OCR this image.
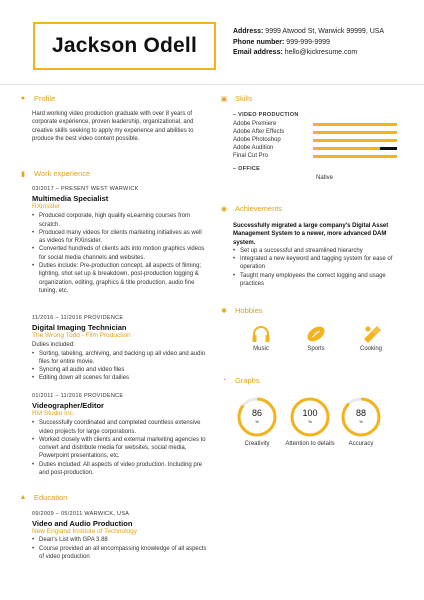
Jackson Odell
Address: 9999 Atwood St, Warwick 99999, USA
Phone number: 999-999-9999
Email address: hello@kickresume.com
●	Profile
Hard working video production graduate with over 8 years of corporate experience, proven leadership, organizational, and creative skills seeking to apply my experience and abilities to produce the best video content possible.
▮	Work experience
03/2017 – PRESENT WEST WARWICK
Multimedia Specialist
RXinsider
• Produced corporate, high quality eLearning courses from scratch.
• Produced many videos for clients marketing initiatives as well as videos for RXinsider.
• Converted hundreds of clients ads into motion graphics videos for social media channels and websites.
• Duties include: Pre-production concept, all aspects of filming; lighting, shot set up & breakdown, post-production logging & organization, editing, graphics & title production, audio fine tuning, etc.
11/2016 – 11/2016 PROVIDENCE
Digital Imaging Technician
The Wrong Todd - Film Production
Duties included:
• Sorting, labeling, archiving, and backing up all video and audio files for entire movie.
• Syncing all audio and video files
• Editing down all scenes for dailies
01/2011 – 11/2016 PROVIDENCE
Videographer/Editor
RM Studio Inc.
• Successfully coordinated and completed countless extensive video projects for large corporations.
• Worked closely with clients and external marketing agencies to convert and distribute media for websites, social media, Powerpoint presentations, etc.
• Duties included: All aspects of video production. Including pre and post-production.
▲ Education
09/2009 – 05/2011 WARWICK, USA
Video and Audio Production
New England Institute of Technology
• Dean's List with GPA 3.88
• Course provided an all encompassing knowledge of all aspects of video production
▣ Skills
– VIDEO PRODUCTION
Adobe Premiere
Adobe After Effects
Adobe Photoshop
Adobe Audition
Final Cut Pro
– OFFICE
Native
◉ Achievements
Successfully migrated a large company's Digital Asset Management System to a newer, more advanced DAM system.
• Set up a successful and streamlined hierarchy
• Integrated a new keyword and tagging system for ease of operation
• Taught many employees the correct logging and usage practices
✱ Hobbies
Music	Sports	Cooking
◔	Graphs
86
%
Creativity
100
%
Attention to details
88
%
Accuracy
